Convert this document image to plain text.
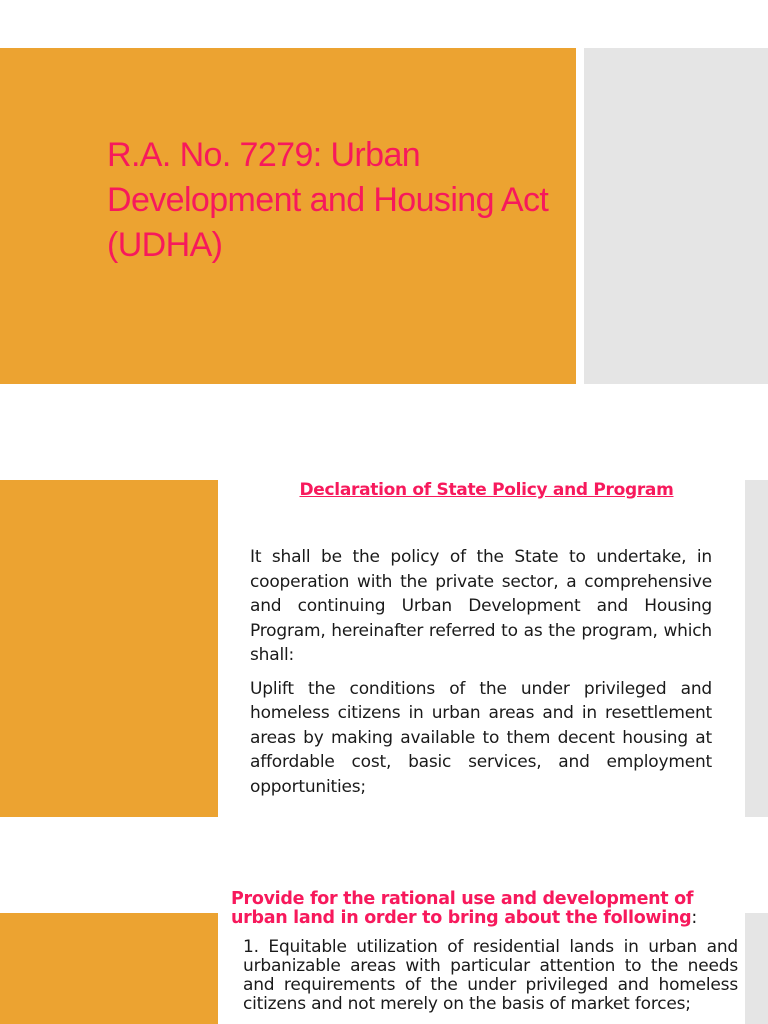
R.A. No. 7279: Urban Development and Housing Act (UDHA)
Declaration of State Policy and Program

It shall be the policy of the State to undertake, in cooperation with the private sector, a comprehensive and continuing Urban Development and Housing Program, hereinafter referred to as the program, which shall:

Uplift the conditions of the under privileged and homeless citizens in urban areas and in resettlement areas by making available to them decent housing at affordable cost, basic services, and employment opportunities;

Provide for the rational use and development of urban land in order to bring about the following:

1. Equitable utilization of residential lands in urban and urbanizable areas with particular attention to the needs and requirements of the under privileged and homeless citizens and not merely on the basis of market forces;
